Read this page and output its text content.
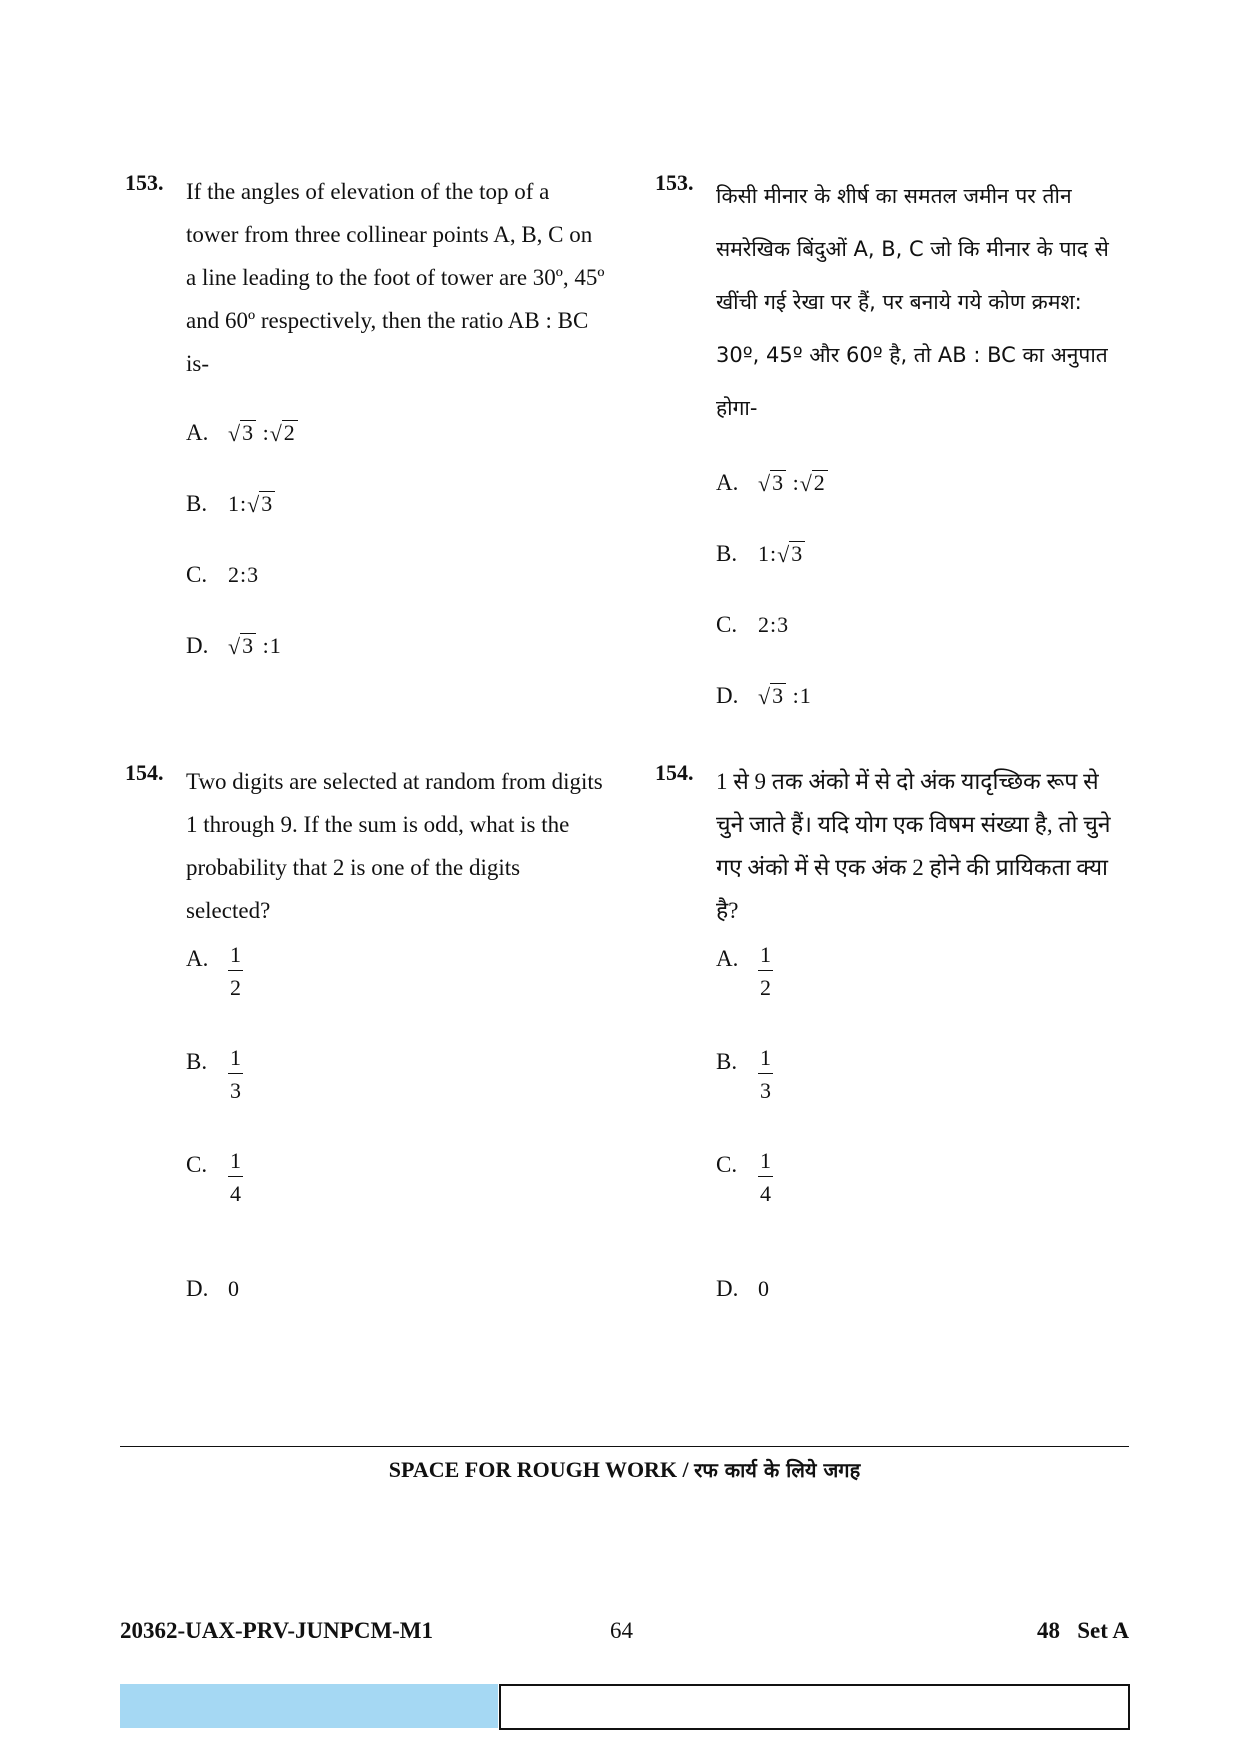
153. If the angles of elevation of the top of a tower from three collinear points A, B, C on a line leading to the foot of tower are 30º, 45º and 60º respectively, then the ratio AB : BC is-
A. √ 3 : √ 2
B. 1: √ 3
C. 2:3
D. √ 3 :1
153.
किसी मीनार के शीर्ष का समतल जमीन पर तीन समरेखिक बिंदुओं A, B, C जो कि मीनार के पाद से खींची गई रेखा पर हैं, पर बनाये गये कोण क्रमश: 30º, 45º और 60º है, तो AB : BC का अनुपात होगा-
A. √ 3 : √ 2
B. 1: √ 3
C. 2:3
D. √ 3 :1
154. Two digits are selected at random from digits 1 through 9. If the sum is odd, what is the probability that 2 is one of the digits selected?
A. $\frac{1}{2}$
B. $\frac{1}{3}$
C. $\frac{1}{4}$
D. 0
154. 1 से 9 तक अंको में से दो अंक यादृच्छिक रूप से चुने जाते हैं। यदि योग एक विषम संख्या है, तो चुने गए अंको में से एक अंक 2 होने की प्रायिकता क्या है?
A. $\frac{1}{2}$
B. $\frac{1}{3}$
C. $\frac{1}{4}$
D. 0
SPACE FOR ROUGH WORK / रफ कार्य के लिये जगह
20362-UAX-PRV-JUNPCM-M1	64	48   Set A
